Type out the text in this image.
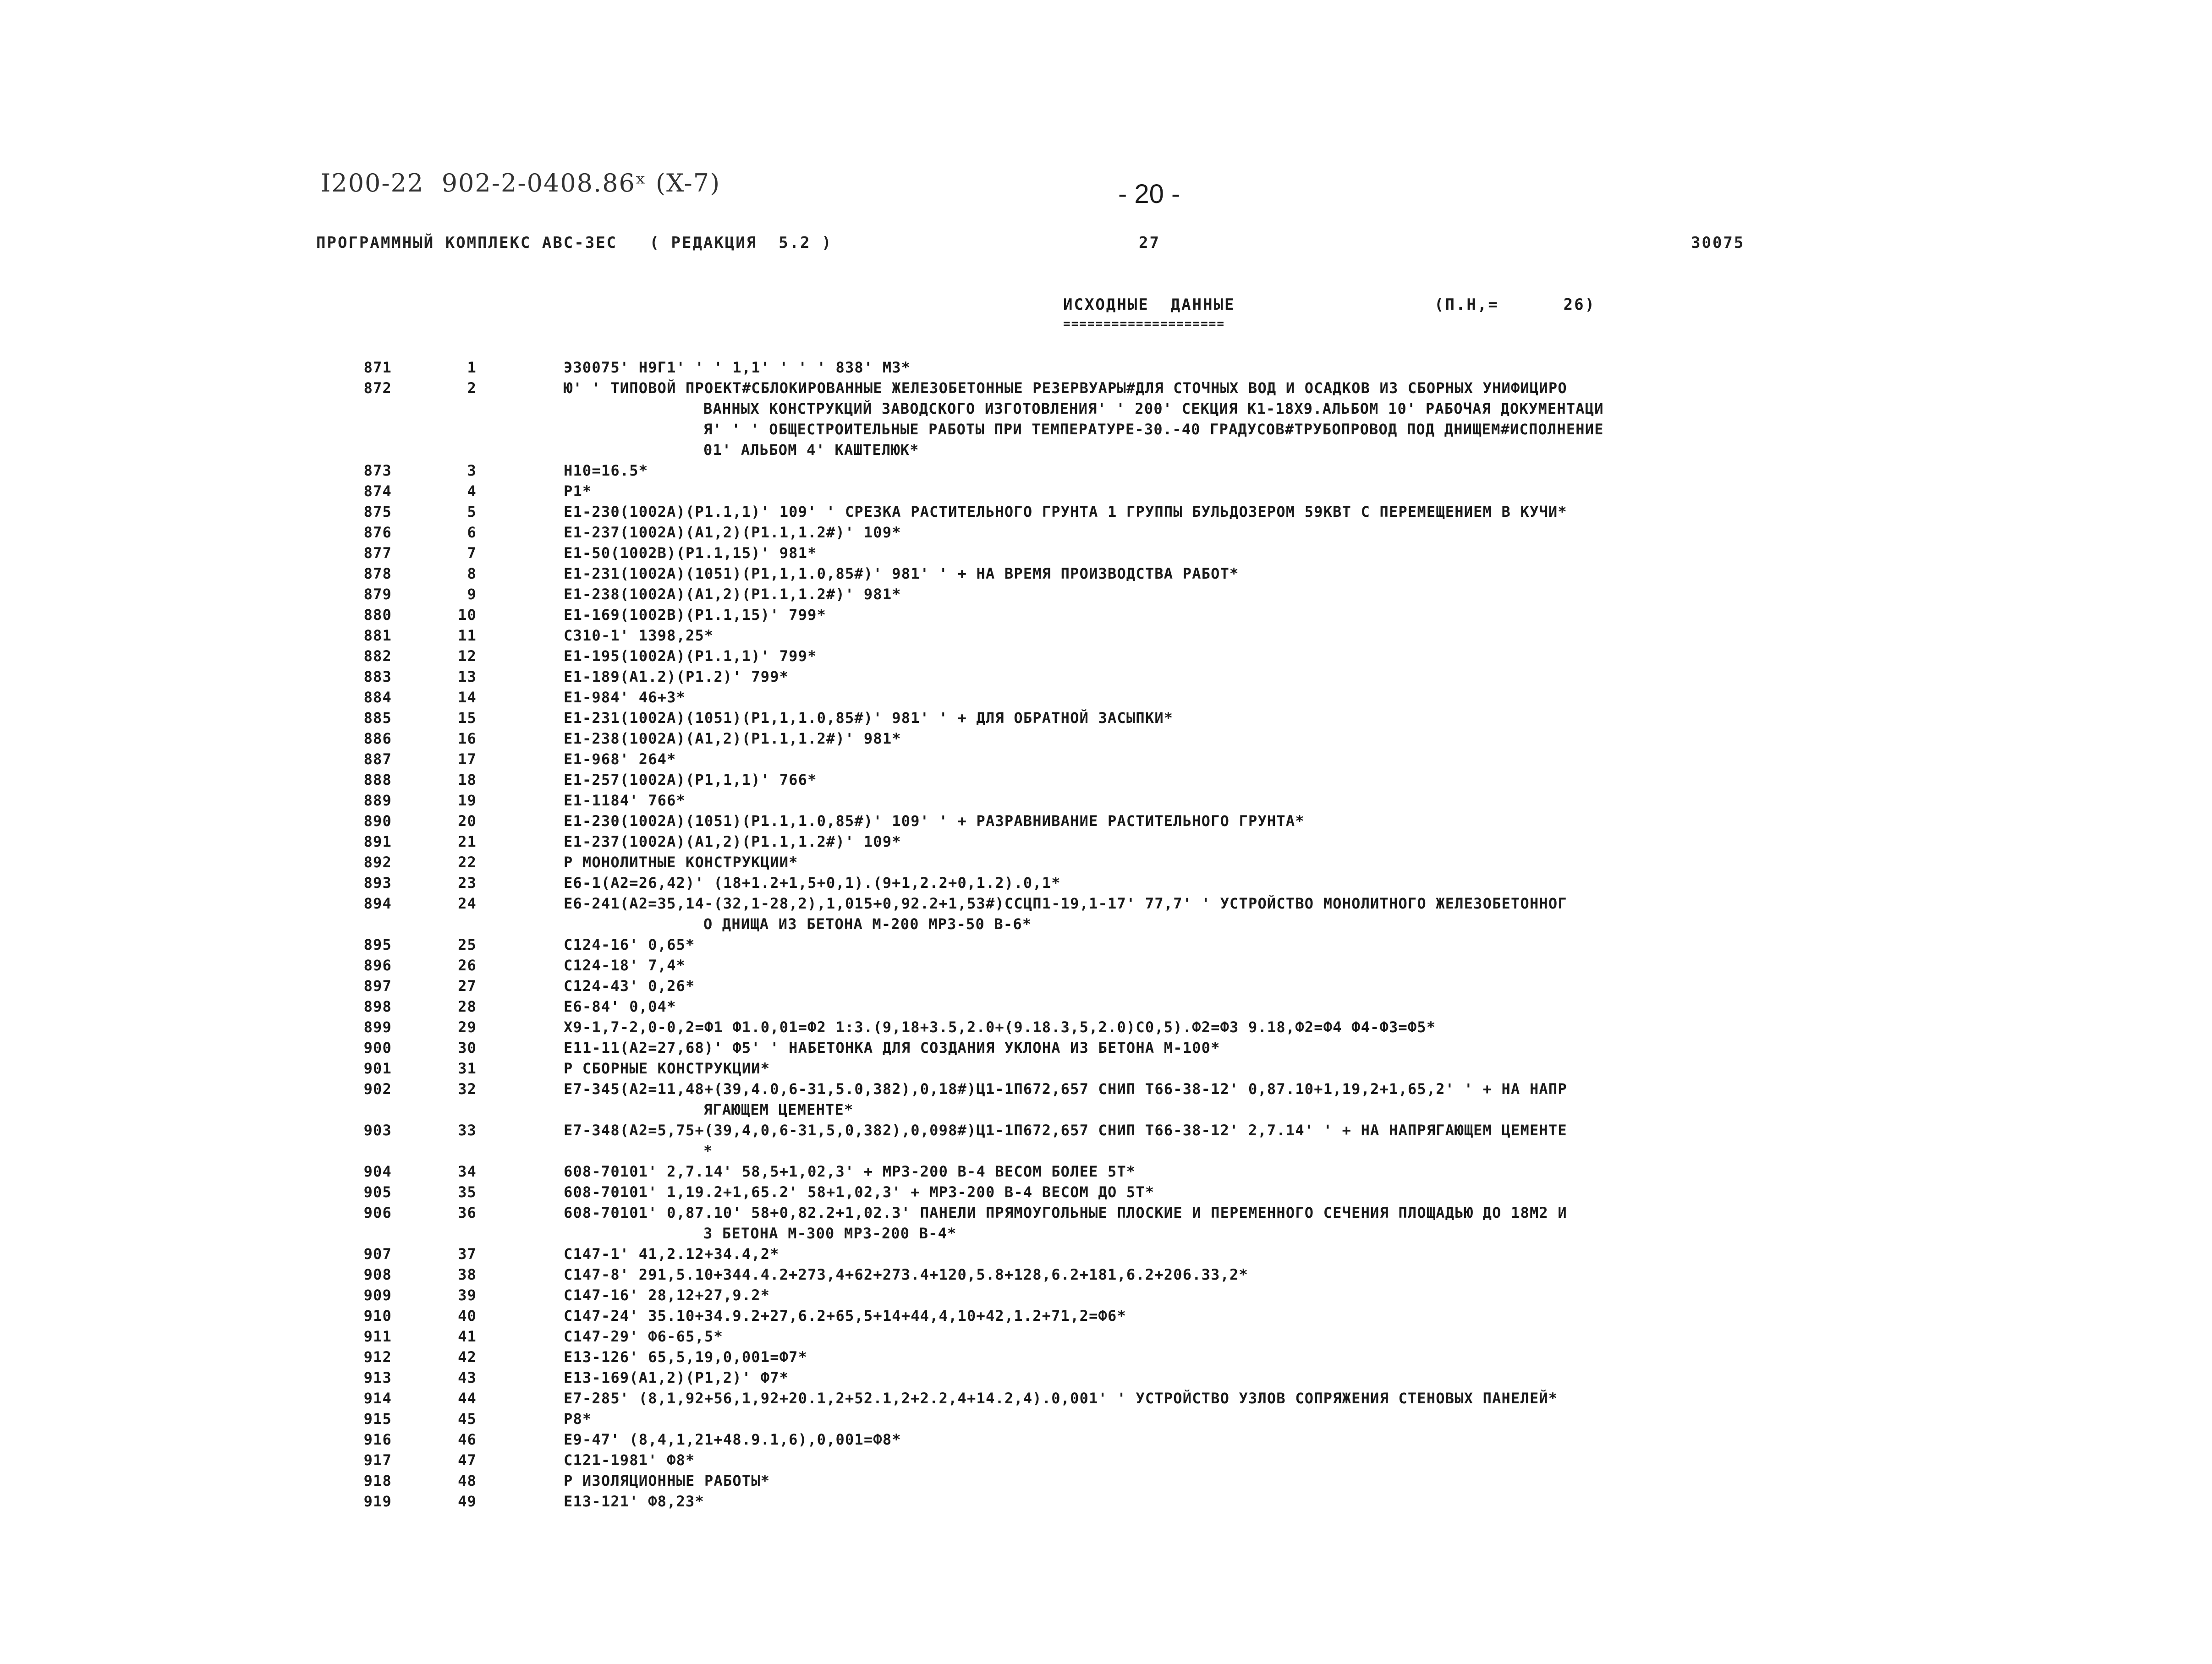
I200-22  902-2-0408.86ˣ (X-7)	- 20 -
ПРОГРАММНЫЙ КОМПЛЕКС АВС-ЗЕС   ( РЕДАКЦИЯ  5.2 )	27	30075
ИСХОДНЫЕ  ДАННЫЕ
====================
(П.Н,=      26)
871	1	Э30075' Н9Г1' ' ' 1,1' ' ' ' 838' МЗ*
872	2	Ю' ' ТИПОВОЙ ПРОЕКТ#СБЛОКИРОВАННЫЕ ЖЕЛЕЗОБЕТОННЫЕ РЕЗЕРВУАРЫ#ДЛЯ СТОЧНЫХ ВОД И ОСАДКОВ ИЗ СБОРНЫХ УНИФИЦИРО
ВАННЫХ КОНСТРУКЦИЙ ЗАВОДСКОГО ИЗГОТОВЛЕНИЯ' ' 200' СЕКЦИЯ К1-18Х9.АЛЬБОМ 10' РАБОЧАЯ ДОКУМЕНТАЦИ
Я' ' ' ОБЩЕСТРОИТЕЛЬНЫЕ РАБОТЫ ПРИ ТЕМПЕРАТУРЕ-30.-40 ГРАДУСОВ#ТРУБОПРОВОД ПОД ДНИЩЕМ#ИСПОЛНЕНИЕ
01' АЛЬБОМ 4' КАШТЕЛЮК*
873	3	Н10=16.5*
874	4	Р1*
875	5	Е1-230(1002А)(Р1.1,1)' 109' ' СРЕЗКА РАСТИТЕЛЬНОГО ГРУНТА 1 ГРУППЫ БУЛЬДОЗЕРОМ 59КВТ С ПЕРЕМЕЩЕНИЕМ В КУЧИ*
876	6	Е1-237(1002А)(А1,2)(Р1.1,1.2#)' 109*
877	7	Е1-50(1002В)(Р1.1,15)' 981*
878	8	Е1-231(1002А)(1051)(Р1,1,1.0,85#)' 981' ' + НА ВРЕМЯ ПРОИЗВОДСТВА РАБОТ*
879	9	Е1-238(1002А)(А1,2)(Р1.1,1.2#)' 981*
880	10	Е1-169(1002В)(Р1.1,15)' 799*
881	11	С310-1' 1398,25*
882	12	Е1-195(1002А)(Р1.1,1)' 799*
883	13	Е1-189(А1.2)(Р1.2)' 799*
884	14	Е1-984' 46+3*
885	15	Е1-231(1002А)(1051)(Р1,1,1.0,85#)' 981' ' + ДЛЯ ОБРАТНОЙ ЗАСЫПКИ*
886	16	Е1-238(1002А)(А1,2)(Р1.1,1.2#)' 981*
887	17	Е1-968' 264*
888	18	Е1-257(1002А)(Р1,1,1)' 766*
889	19	Е1-1184' 766*
890	20	Е1-230(1002А)(1051)(Р1.1,1.0,85#)' 109' ' + РАЗРАВНИВАНИЕ РАСТИТЕЛЬНОГО ГРУНТА*
891	21	Е1-237(1002А)(А1,2)(Р1.1,1.2#)' 109*
892	22	Р МОНОЛИТНЫЕ КОНСТРУКЦИИ*
893	23	Е6-1(А2=26,42)' (18+1.2+1,5+0,1).(9+1,2.2+0,1.2).0,1*
894	24	Е6-241(А2=35,14-(32,1-28,2),1,015+0,92.2+1,53#)ССЦП1-19,1-17' 77,7' ' УСТРОЙСТВО МОНОЛИТНОГО ЖЕЛЕЗОБЕТОННОГ
О ДНИЩА ИЗ БЕТОНА М-200 МРЗ-50 В-6*
895	25	С124-16' 0,65*
896	26	С124-18' 7,4*
897	27	С124-43' 0,26*
898	28	Е6-84' 0,04*
899	29	Х9-1,7-2,0-0,2=Ф1 Ф1.0,01=Ф2 1:3.(9,18+3.5,2.0+(9.18.3,5,2.0)С0,5).Ф2=Ф3 9.18,Ф2=Ф4 Ф4-Ф3=Ф5*
900	30	Е11-11(А2=27,68)' Ф5' ' НАБЕТОНКА ДЛЯ СОЗДАНИЯ УКЛОНА ИЗ БЕТОНА М-100*
901	31	Р СБОРНЫЕ КОНСТРУКЦИИ*
902	32	Е7-345(А2=11,48+(39,4.0,6-31,5.0,382),0,18#)Ц1-1П672,657 СНИП Т66-38-12' 0,87.10+1,19,2+1,65,2' ' + НА НАПР
ЯГАЮЩЕМ ЦЕМЕНТЕ*
903	33	Е7-348(А2=5,75+(39,4,0,6-31,5,0,382),0,098#)Ц1-1П672,657 СНИП Т66-38-12' 2,7.14' ' + НА НАПРЯГАЮЩЕМ ЦЕМЕНТЕ
*
904	34	608-70101' 2,7.14' 58,5+1,02,3' + МРЗ-200 В-4 ВЕСОМ БОЛЕЕ 5Т*
905	35	608-70101' 1,19.2+1,65.2' 58+1,02,3' + МРЗ-200 В-4 ВЕСОМ ДО 5Т*
906	36	608-70101' 0,87.10' 58+0,82.2+1,02.3' ПАНЕЛИ ПРЯМОУГОЛЬНЫЕ ПЛОСКИЕ И ПЕРЕМЕННОГО СЕЧЕНИЯ ПЛОЩАДЬЮ ДО 18М2 И
З БЕТОНА М-300 МРЗ-200 В-4*
907	37	С147-1' 41,2.12+34.4,2*
908	38	С147-8' 291,5.10+344.4.2+273,4+62+273.4+120,5.8+128,6.2+181,6.2+206.33,2*
909	39	С147-16' 28,12+27,9.2*
910	40	С147-24' 35.10+34.9.2+27,6.2+65,5+14+44,4,10+42,1.2+71,2=Ф6*
911	41	С147-29' Ф6-65,5*
912	42	Е13-126' 65,5,19,0,001=Ф7*
913	43	Е13-169(А1,2)(Р1,2)' Ф7*
914	44	Е7-285' (8,1,92+56,1,92+20.1,2+52.1,2+2.2,4+14.2,4).0,001' ' УСТРОЙСТВО УЗЛОВ СОПРЯЖЕНИЯ СТЕНОВЫХ ПАНЕЛЕЙ*
915	45	Р8*
916	46	Е9-47' (8,4,1,21+48.9.1,6),0,001=Ф8*
917	47	С121-1981' Ф8*
918	48	Р ИЗОЛЯЦИОННЫЕ РАБОТЫ*
919	49	Е13-121' Ф8,23*
